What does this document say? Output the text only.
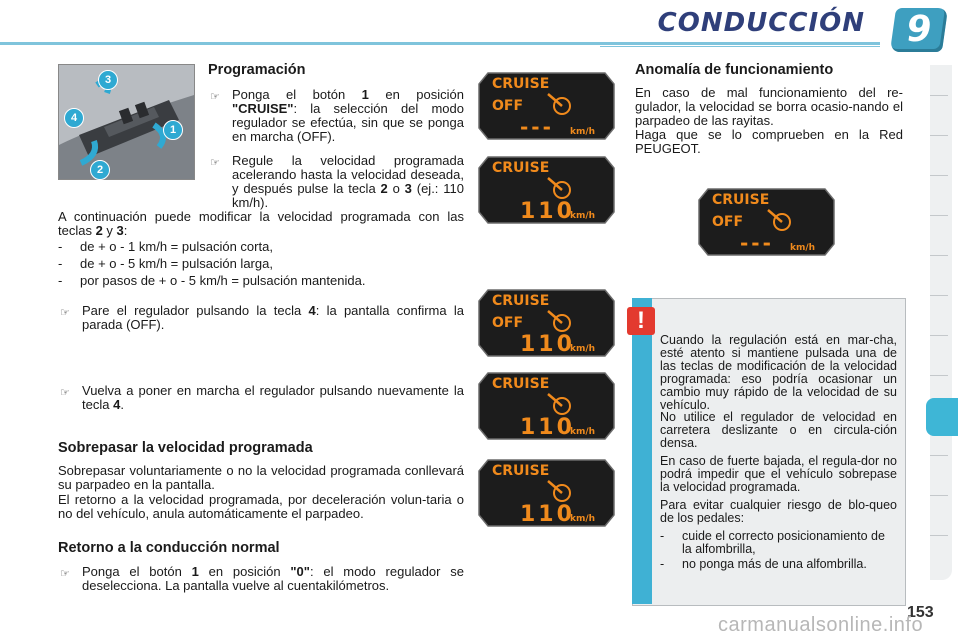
CONDUCCIÓN	9
3
4
1
2
Programación
☞ Ponga el botón 1 en posición "CRUISE": la selección del modo regulador se efectúa, sin que se ponga en marcha (OFF).
☞ Regule la velocidad programada acelerando hasta la velocidad deseada, y después pulse la tecla 2 o 3 (ej.: 110 km/h).
A continuación puede modificar la velocidad programada con las teclas 2 y 3:
-	de + o - 1 km/h = pulsación corta,
-	de + o - 5 km/h = pulsación larga,
-	por pasos de + o - 5 km/h = pulsación mantenida.
☞ Pare el regulador pulsando la tecla 4: la pantalla confirma la parada (OFF).
☞ Vuelva a poner en marcha el regulador pulsando nuevamente la tecla 4.
Sobrepasar la velocidad programada
Sobrepasar voluntariamente o no la velocidad programada conllevará su parpadeo en la pantalla.
El retorno a la velocidad programada, por deceleración volun-taria o no del vehículo, anula automáticamente el parpadeo.
Retorno a la conducción normal
☞ Ponga el botón 1 en posición "0": el modo regulador se deselecciona. La pantalla vuelve al cuentakilómetros.
CRUISE
OFF
--- km/h
CRUISE
110
km/h
CRUISE
OFF
110
km/h
CRUISE
110
km/h
CRUISE
110
km/h
CRUISE
OFF
--- km/h
Anomalía de funcionamiento
En caso de mal funcionamiento del re-gulador, la velocidad se borra ocasio-nando el parpadeo de las rayitas.
Haga que se lo comprueben en la Red PEUGEOT.
!
Cuando la regulación está en mar-cha, esté atento si mantiene pulsada una de las teclas de modificación de la velocidad programada: eso podría ocasionar un cambio muy rápido de la velocidad de su vehículo.
No utilice el regulador de velocidad en carretera deslizante o en circula-ción densa.
En caso de fuerte bajada, el regula-dor no podrá impedir que el vehículo sobrepase la velocidad programada.
Para evitar cualquier riesgo de blo-queo de los pedales:
-	cuide el correcto posicionamiento de la alfombrilla,
-	no ponga más de una alfombrilla.
153
carmanualsonline.info
